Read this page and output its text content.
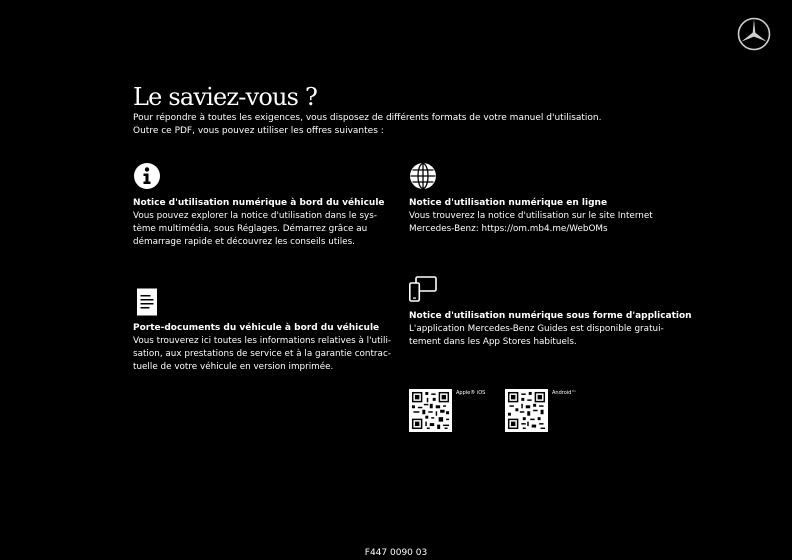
Le saviez-vous ?
Pour répondre à toutes les exigences, vous disposez de différents formats de votre manuel d'utilisation.
Outre ce PDF, vous pouvez utiliser les offres suivantes :
Notice d'utilisation numérique à bord du véhicule
Vous pouvez explorer la notice d'utilisation dans le sys-
tème multimédia, sous Réglages. Démarrez grâce au
démarrage rapide et découvrez les conseils utiles.
Notice d'utilisation numérique en ligne
Vous trouverez la notice d'utilisation sur le site Internet
Mercedes-Benz: https://om.mb4.me/WebOMs
Porte-documents du véhicule à bord du véhicule
Vous trouverez ici toutes les informations relatives à l'utili-
sation, aux prestations de service et à la garantie contrac-
tuelle de votre véhicule en version imprimée.
Notice d'utilisation numérique sous forme d'application
L'application Mercedes-Benz Guides est disponible gratui-
tement dans les App Stores habituels.
Apple® iOS	Android™
F447 0090 03
